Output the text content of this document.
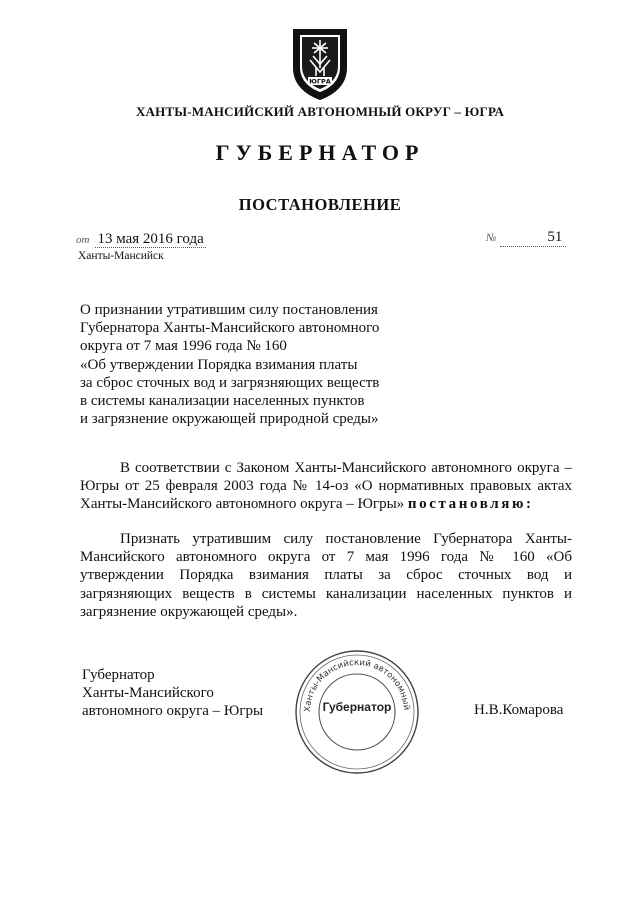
ЮГРА
ХАНТЫ-МАНСИЙСКИЙ АВТОНОМНЫЙ ОКРУГ – ЮГРА
ГУБЕРНАТОР
ПОСТАНОВЛЕНИЕ
от 13 мая 2016 года
Ханты-Мансийск
№	51
О признании утратившим силу постановления
Губернатора Ханты-Мансийского автономного
округа от 7 мая 1996 года № 160
«Об утверждении Порядка взимания платы
за сброс сточных вод и загрязняющих веществ
в системы канализации населенных пунктов
и загрязнение окружающей природной среды»
В соответствии с Законом Ханты-Мансийского автономного округа – Югры от 25 февраля 2003 года № 14-оз «О нормативных правовых актах Ханты-Мансийского автономного округа – Югры» постановляю:
Признать утратившим силу постановление Губернатора Ханты-Мансийского автономного округа от 7 мая 1996 года № 160 «Об утверждении Порядка взимания платы за сброс сточных вод и загрязняющих веществ в системы канализации населенных пунктов и загрязнение окружающей среды».
Губернатор
Ханты-Мансийского
автономного округа – Югры	Ханты-Мансийский автономный
Губернатор	Н.В.Комарова
